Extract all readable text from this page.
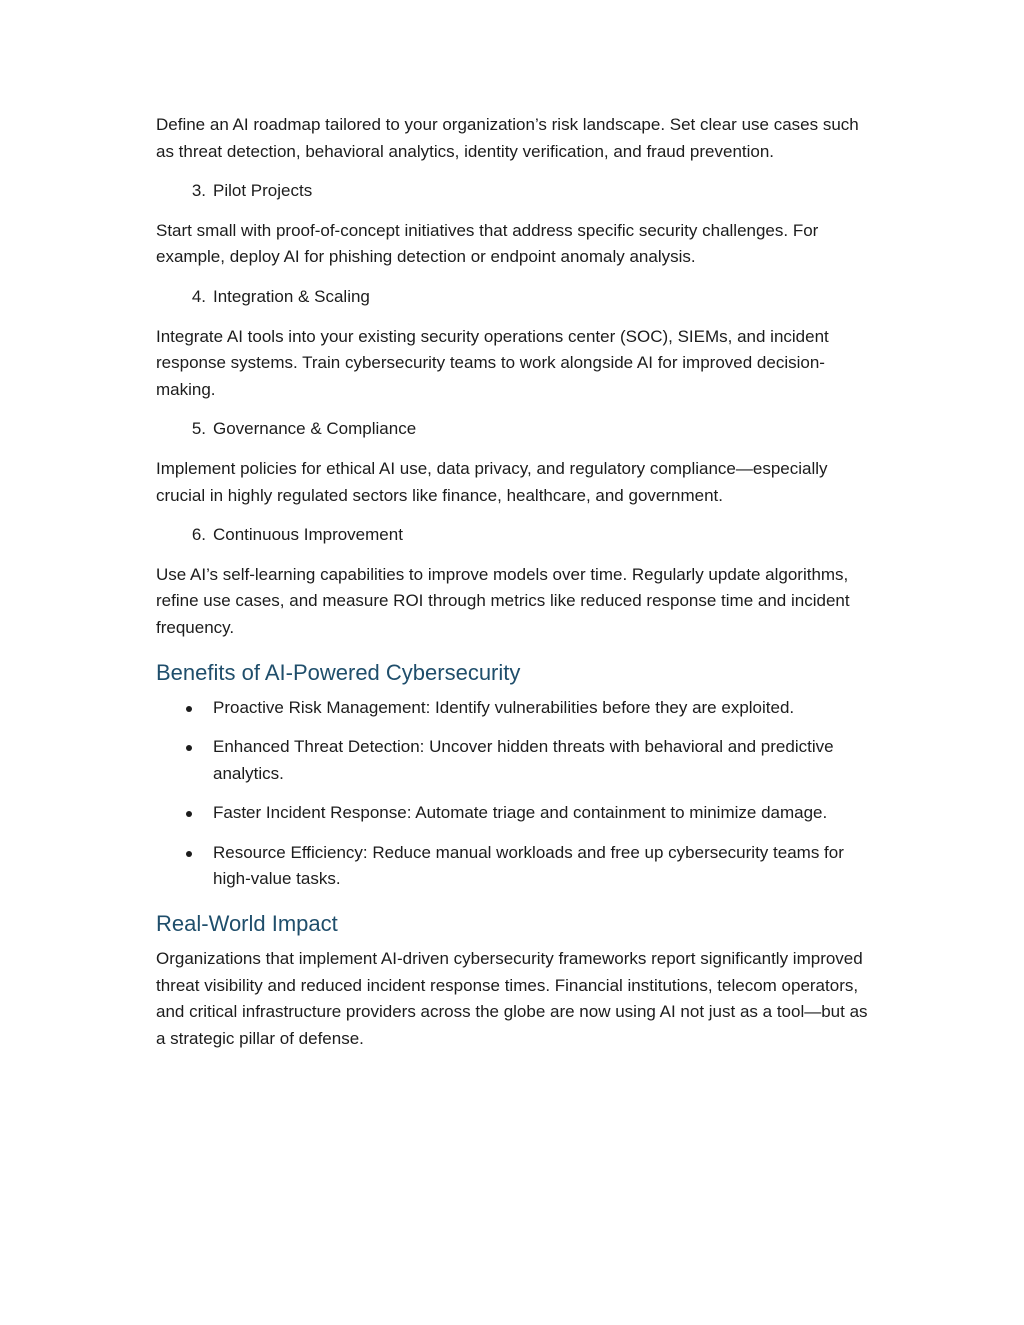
Define an AI roadmap tailored to your organization’s risk landscape. Set clear use cases such as threat detection, behavioral analytics, identity verification, and fraud prevention.

3. Pilot Projects

Start small with proof-of-concept initiatives that address specific security challenges. For example, deploy AI for phishing detection or endpoint anomaly analysis.

4. Integration & Scaling

Integrate AI tools into your existing security operations center (SOC), SIEMs, and incident response systems. Train cybersecurity teams to work alongside AI for improved decision-making.

5. Governance & Compliance

Implement policies for ethical AI use, data privacy, and regulatory compliance—especially crucial in highly regulated sectors like finance, healthcare, and government.

6. Continuous Improvement

Use AI’s self-learning capabilities to improve models over time. Regularly update algorithms, refine use cases, and measure ROI through metrics like reduced response time and incident frequency.

Benefits of AI-Powered Cybersecurity
Proactive Risk Management: Identify vulnerabilities before they are exploited.
Enhanced Threat Detection: Uncover hidden threats with behavioral and predictive analytics.
Faster Incident Response: Automate triage and containment to minimize damage.
Resource Efficiency: Reduce manual workloads and free up cybersecurity teams for high-value tasks.
Real-World Impact

Organizations that implement AI-driven cybersecurity frameworks report significantly improved threat visibility and reduced incident response times. Financial institutions, telecom operators, and critical infrastructure providers across the globe are now using AI not just as a tool—but as a strategic pillar of defense.
